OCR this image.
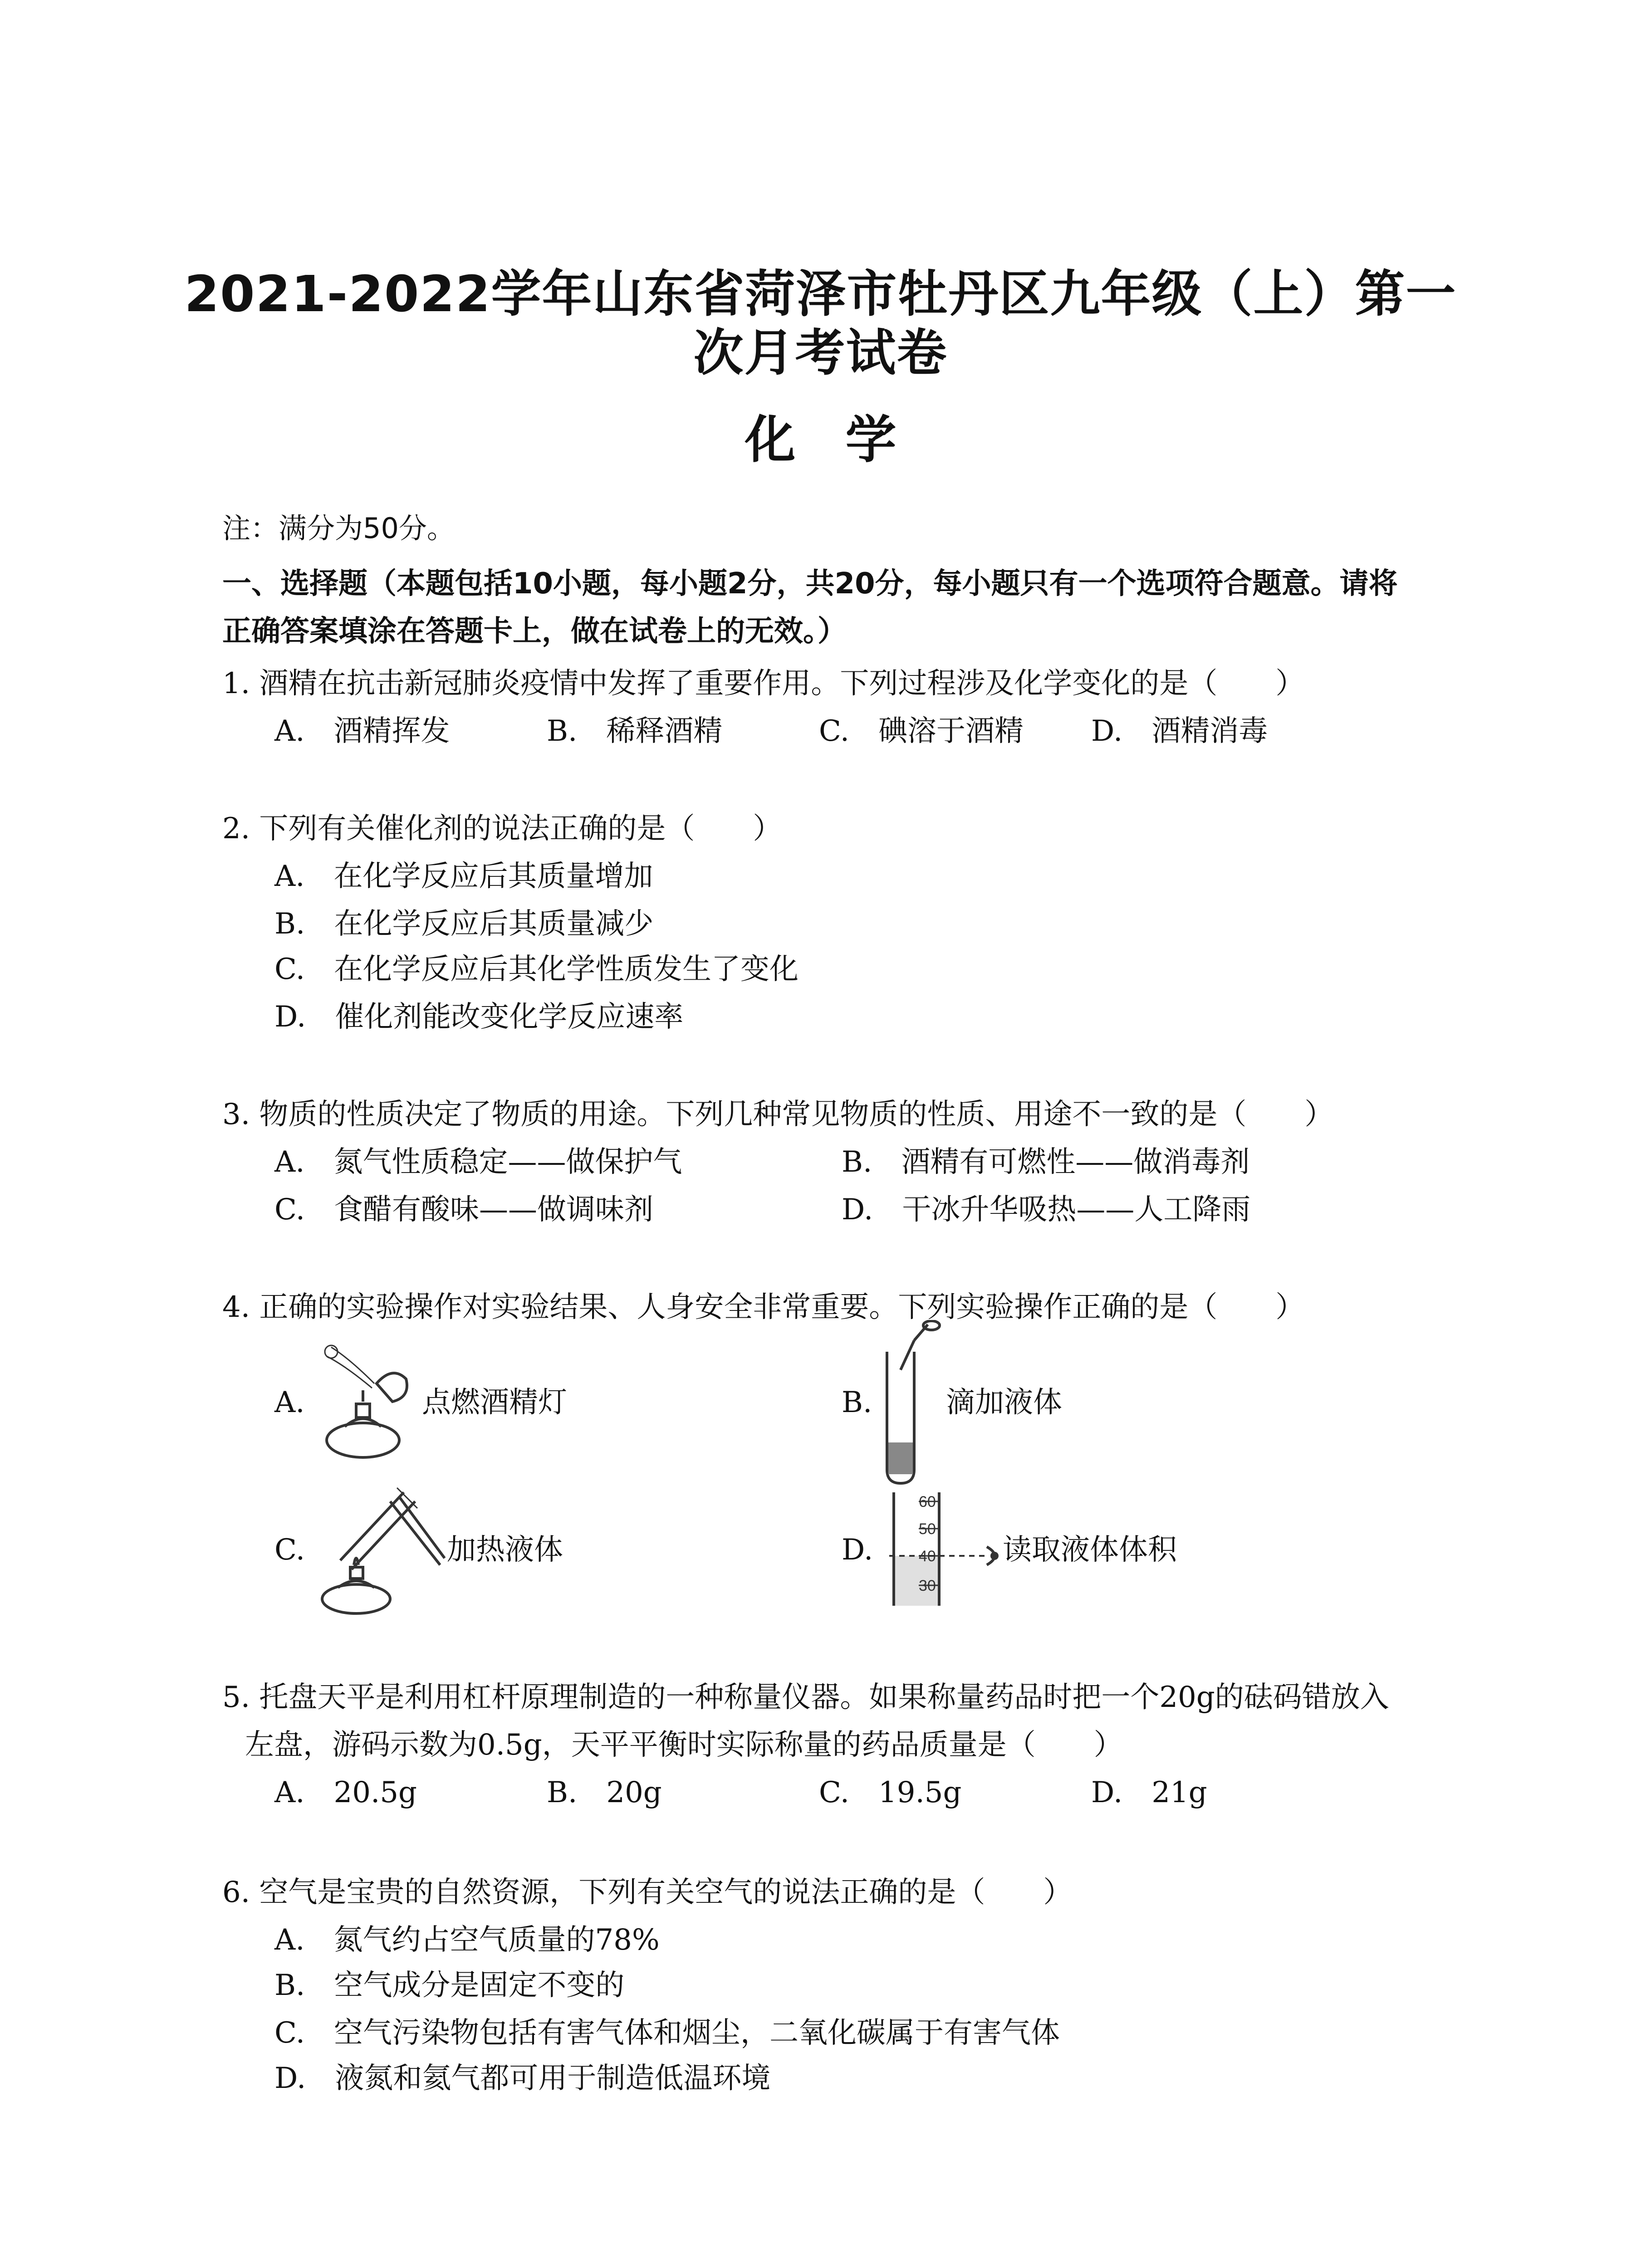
2021-2022学年山东省菏泽市牡丹区九年级（上）第一
次月考试卷
化学
注：满分为50分。
一、选择题（本题包括10小题，每小题2分，共20分，每小题只有一个选项符合题意。请将
正确答案填涂在答题卡上，做在试卷上的无效。）
1. 酒精在抗击新冠肺炎疫情中发挥了重要作用。下列过程涉及化学变化的是（　　）
A.　酒精挥发	B.　稀释酒精	C.　碘溶于酒精 D.　酒精消毒
2. 下列有关催化剂的说法正确的是（　　）
A.　在化学反应后其质量增加
B.　在化学反应后其质量减少
C.　在化学反应后其化学性质发生了变化
D.　催化剂能改变化学反应速率
3. 物质的性质决定了物质的用途。下列几种常见物质的性质、用途不一致的是（　　）
A.　氮气性质稳定——做保护气	B.　酒精有可燃性——做消毒剂
C.　食醋有酸味——做调味剂	D.　干冰升华吸热——人工降雨
4. 正确的实验操作对实验结果、人身安全非常重要。下列实验操作正确的是（　　）
A.	点燃酒精灯	B.	滴加液体
C.	加热液体	D.
60
50
40
30
读取液体体积
5. 托盘天平是利用杠杆原理制造的一种称量仪器。如果称量药品时把一个20g的砝码错放入
左盘，游码示数为0.5g，天平平衡时实际称量的药品质量是（　　）
A.　20.5g	B.　20g	C.　19.5g	D.　21g
6. 空气是宝贵的自然资源，下列有关空气的说法正确的是（　　）
A.　氮气约占空气质量的78%
B.　空气成分是固定不变的
C.　空气污染物包括有害气体和烟尘，二氧化碳属于有害气体
D.　液氮和氦气都可用于制造低温环境
